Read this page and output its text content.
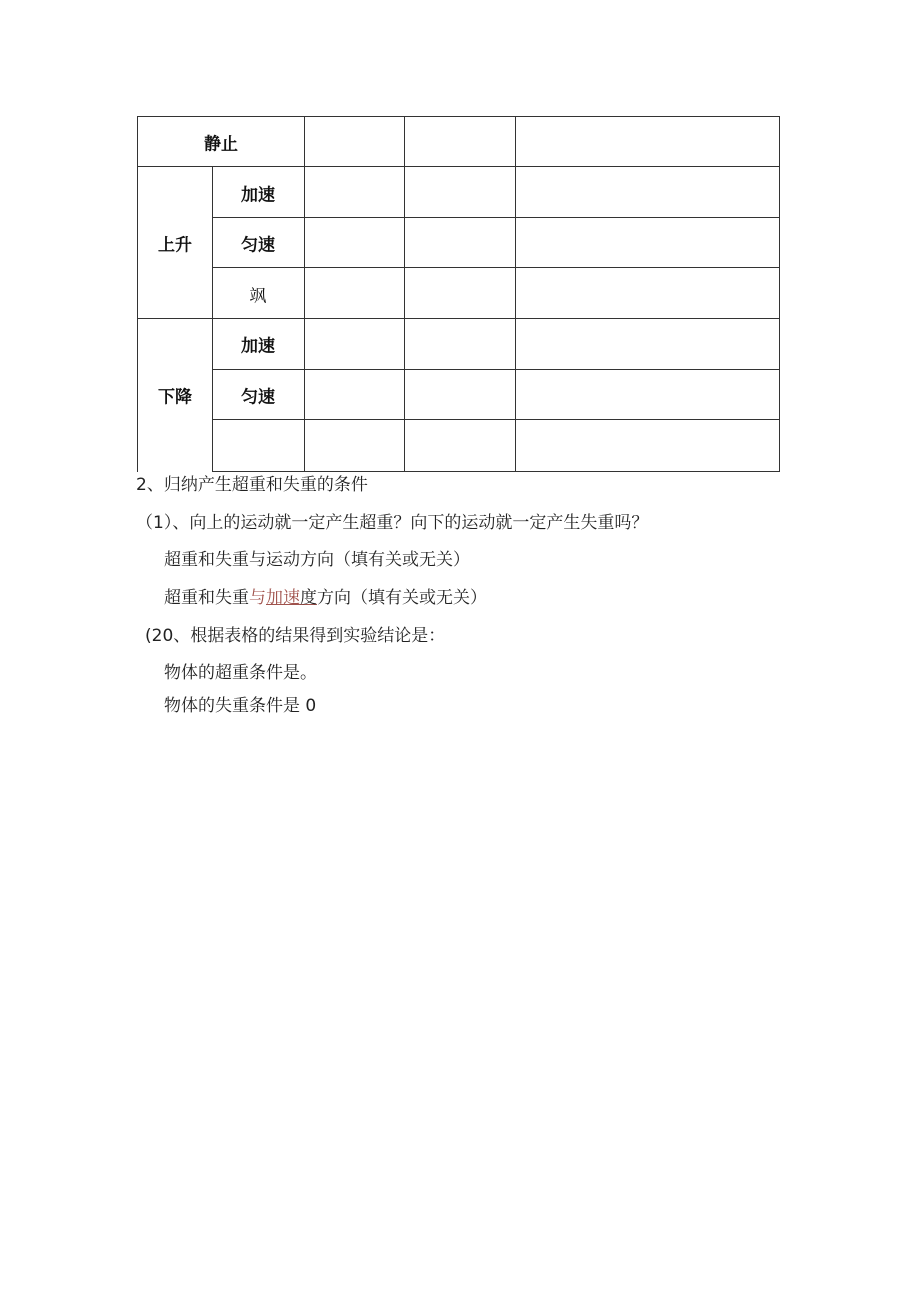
静止
上升
加速
匀速
飒
下降
加速
匀速
2、归纳产生超重和失重的条件
（1）、向上的运动就一定产生超重？向下的运动就一定产生失重吗？
超重和失重与运动方向（填有关或无关）
超重和失重与加速度方向（填有关或无关）
(20、根据表格的结果得到实验结论是：
物体的超重条件是。
物体的失重条件是 0
